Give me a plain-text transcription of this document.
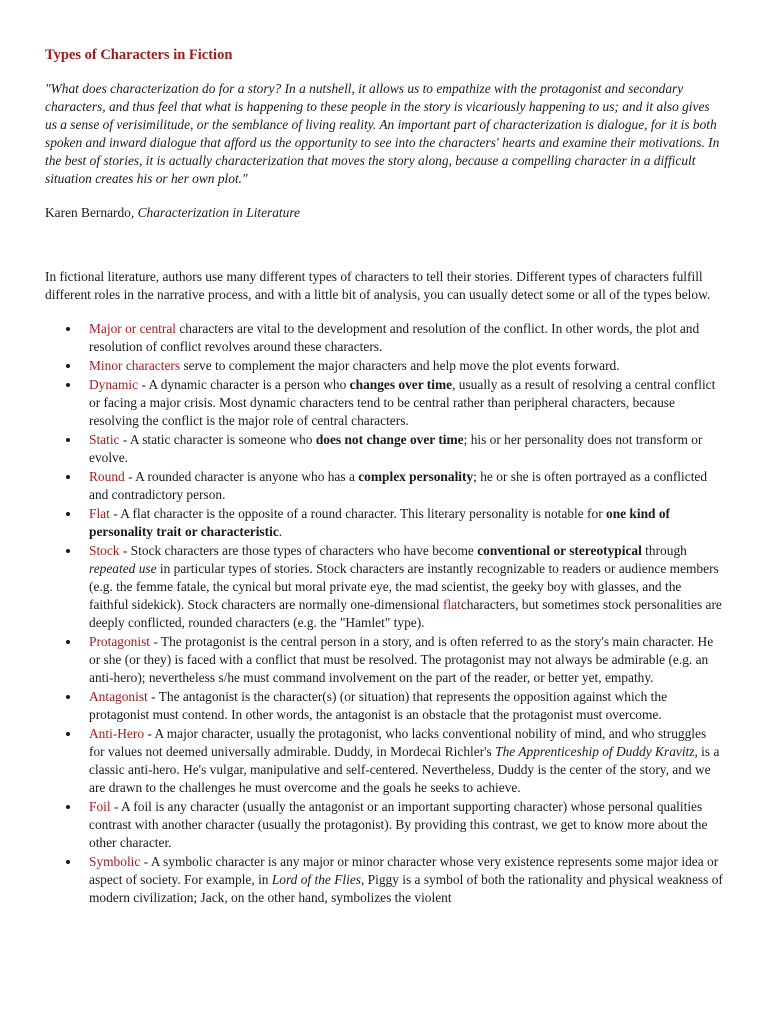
Types of Characters in Fiction
"What does characterization do for a story? In a nutshell, it allows us to empathize with the protagonist and secondary characters, and thus feel that what is happening to these people in the story is vicariously happening to us; and it also gives us a sense of verisimilitude, or the semblance of living reality. An important part of characterization is dialogue, for it is both spoken and inward dialogue that afford us the opportunity to see into the characters' hearts and examine their motivations. In the best of stories, it is actually characterization that moves the story along, because a compelling character in a difficult situation creates his or her own plot."
Karen Bernardo, Characterization in Literature
In fictional literature, authors use many different types of characters to tell their stories. Different types of characters fulfill different roles in the narrative process, and with a little bit of analysis, you can usually detect some or all of the types below.
Major or central characters are vital to the development and resolution of the conflict. In other words, the plot and resolution of conflict revolves around these characters.
Minor characters serve to complement the major characters and help move the plot events forward.
Dynamic - A dynamic character is a person who changes over time, usually as a result of resolving a central conflict or facing a major crisis. Most dynamic characters tend to be central rather than peripheral characters, because resolving the conflict is the major role of central characters.
Static - A static character is someone who does not change over time; his or her personality does not transform or evolve.
Round - A rounded character is anyone who has a complex personality; he or she is often portrayed as a conflicted and contradictory person.
Flat - A flat character is the opposite of a round character. This literary personality is notable for one kind of personality trait or characteristic.
Stock - Stock characters are those types of characters who have become conventional or stereotypical through repeated use in particular types of stories. Stock characters are instantly recognizable to readers or audience members (e.g. the femme fatale, the cynical but moral private eye, the mad scientist, the geeky boy with glasses, and the faithful sidekick). Stock characters are normally one-dimensional flatcharacters, but sometimes stock personalities are deeply conflicted, rounded characters (e.g. the "Hamlet" type).
Protagonist - The protagonist is the central person in a story, and is often referred to as the story's main character. He or she (or they) is faced with a conflict that must be resolved. The protagonist may not always be admirable (e.g. an anti-hero); nevertheless s/he must command involvement on the part of the reader, or better yet, empathy.
Antagonist - The antagonist is the character(s) (or situation) that represents the opposition against which the protagonist must contend. In other words, the antagonist is an obstacle that the protagonist must overcome.
Anti-Hero - A major character, usually the protagonist, who lacks conventional nobility of mind, and who struggles for values not deemed universally admirable. Duddy, in Mordecai Richler's The Apprenticeship of Duddy Kravitz, is a classic anti-hero. He's vulgar, manipulative and self-centered. Nevertheless, Duddy is the center of the story, and we are drawn to the challenges he must overcome and the goals he seeks to achieve.
Foil - A foil is any character (usually the antagonist or an important supporting character) whose personal qualities contrast with another character (usually the protagonist). By providing this contrast, we get to know more about the other character.
Symbolic - A symbolic character is any major or minor character whose very existence represents some major idea or aspect of society. For example, in Lord of the Flies, Piggy is a symbol of both the rationality and physical weakness of modern civilization; Jack, on the other hand, symbolizes the violent
